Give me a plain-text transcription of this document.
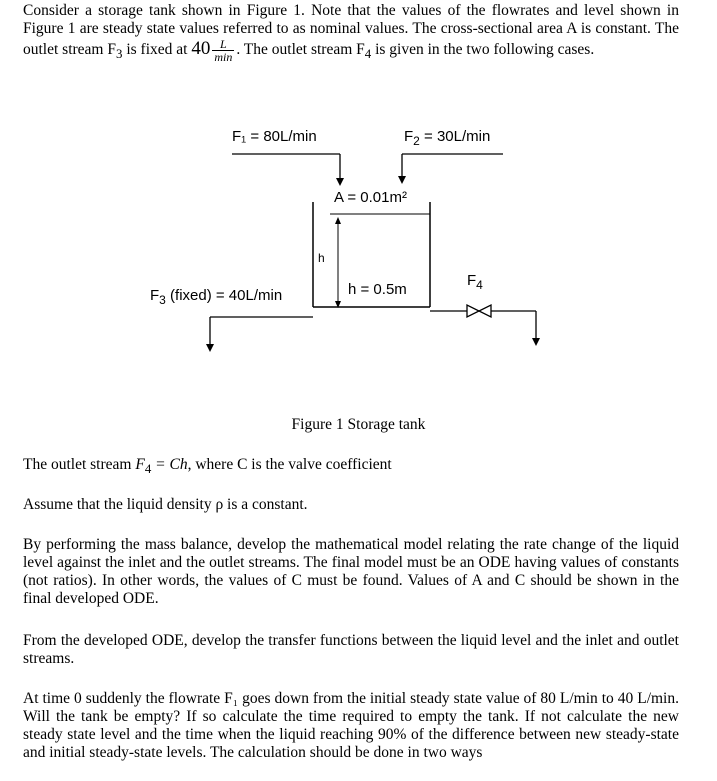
Consider a storage tank shown in Figure 1. Note that the values of the flowrates and level shown in Figure 1 are steady state values referred to as nominal values. The cross-sectional area A is constant. The outlet stream $F_3$ is fixed at $40 \frac{L}{\min}$ . The outlet stream $F_4$ is given in the two following cases.

F₁ = 80L/min	$F_2 = 30L/\min$
A = 0.01m²
h
h = 0.5m
$F_3$ (fixed) = 40L/min
$F_4$
Figure 1 Storage tank

The outlet stream $F_4 = Ch$, where C is the valve coefficient

Assume that the liquid density ρ is a constant.

By performing the mass balance, develop the mathematical model relating the rate change of the liquid level against the inlet and the outlet streams. The final model must be an ODE having values of constants (not ratios). In other words, the values of C must be found. Values of A and C should be shown in the final developed ODE.

From the developed ODE, develop the transfer functions between the liquid level and the inlet and outlet streams.

At time 0 suddenly the flowrate F₁ goes down from the initial steady state value of 80 L/min to 40 L/min. Will the tank be empty? If so calculate the time required to empty the tank. If not calculate the new steady state level and the time when the liquid reaching 90% of the difference between new steady-state and initial steady-state levels. The calculation should be done in two ways
